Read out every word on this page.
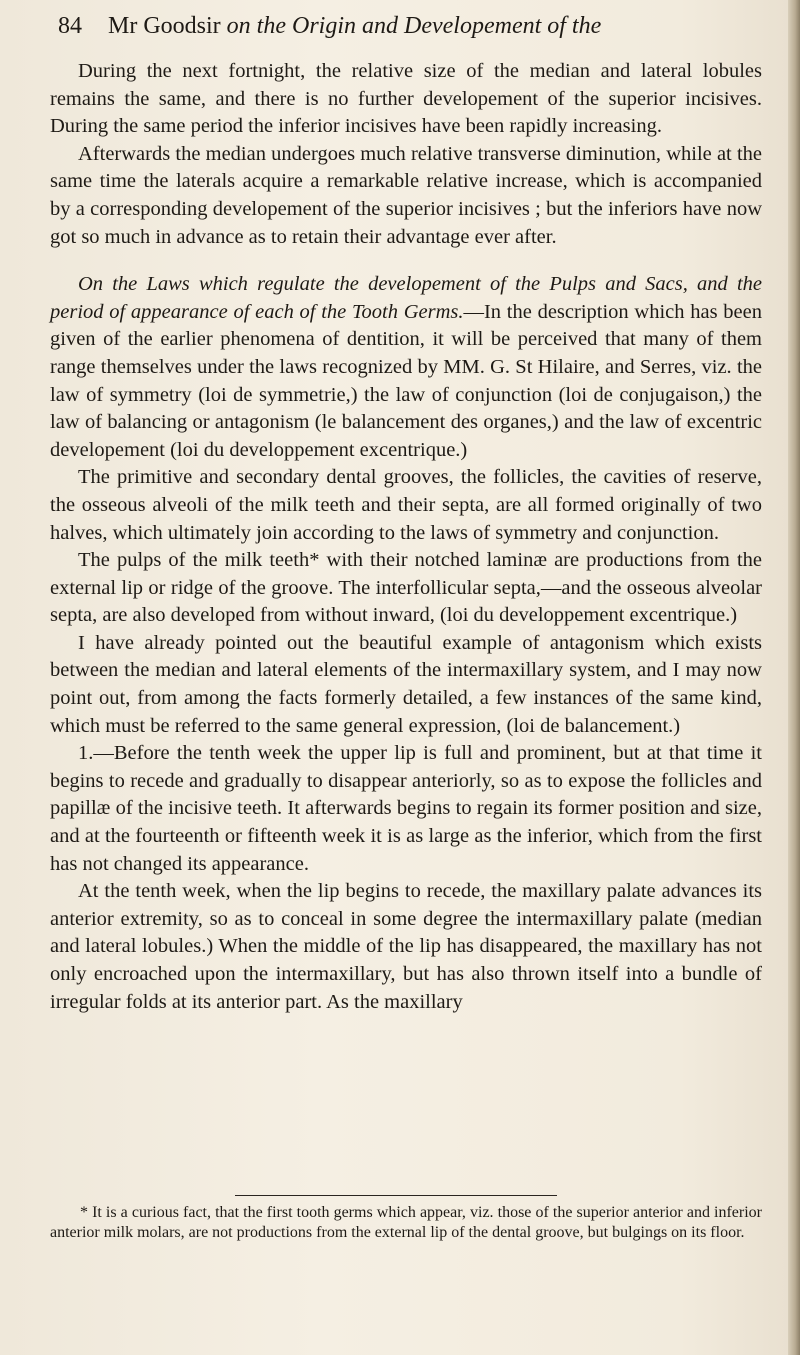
84 Mr Goodsir on the Origin and Developement of the

During the next fortnight, the relative size of the median and lateral lobules remains the same, and there is no further developement of the superior incisives. During the same period the inferior incisives have been rapidly increasing.

Afterwards the median undergoes much relative transverse diminution, while at the same time the laterals acquire a remarkable relative increase, which is accompanied by a corresponding developement of the superior incisives ; but the inferiors have now got so much in advance as to retain their advantage ever after.

On the Laws which regulate the developement of the Pulps and Sacs, and the period of appearance of each of the Tooth Germs.—In the description which has been given of the earlier phenomena of dentition, it will be perceived that many of them range themselves under the laws recognized by MM. G. St Hilaire, and Serres, viz. the law of symmetry (loi de symmetrie,) the law of conjunction (loi de conjugaison,) the law of balancing or antagonism (le balancement des organes,) and the law of excentric developement (loi du developpement excentrique.)

The primitive and secondary dental grooves, the follicles, the cavities of reserve, the osseous alveoli of the milk teeth and their septa, are all formed originally of two halves, which ultimately join according to the laws of symmetry and conjunction.

The pulps of the milk teeth* with their notched laminæ are productions from the external lip or ridge of the groove. The interfollicular septa,—and the osseous alveolar septa, are also developed from without inward, (loi du developpement excentrique.)

I have already pointed out the beautiful example of antagonism which exists between the median and lateral elements of the intermaxillary system, and I may now point out, from among the facts formerly detailed, a few instances of the same kind, which must be referred to the same general expression, (loi de balancement.)

1.—Before the tenth week the upper lip is full and prominent, but at that time it begins to recede and gradually to disappear anteriorly, so as to expose the follicles and papillæ of the incisive teeth. It afterwards begins to regain its former position and size, and at the fourteenth or fifteenth week it is as large as the inferior, which from the first has not changed its appearance.

At the tenth week, when the lip begins to recede, the maxillary palate advances its anterior extremity, so as to conceal in some degree the intermaxillary palate (median and lateral lobules.) When the middle of the lip has disappeared, the maxillary has not only encroached upon the intermaxillary, but has also thrown itself into a bundle of irregular folds at its anterior part. As the maxillary

* It is a curious fact, that the first tooth germs which appear, viz. those of the superior anterior and inferior anterior milk molars, are not productions from the external lip of the dental groove, but bulgings on its floor.
